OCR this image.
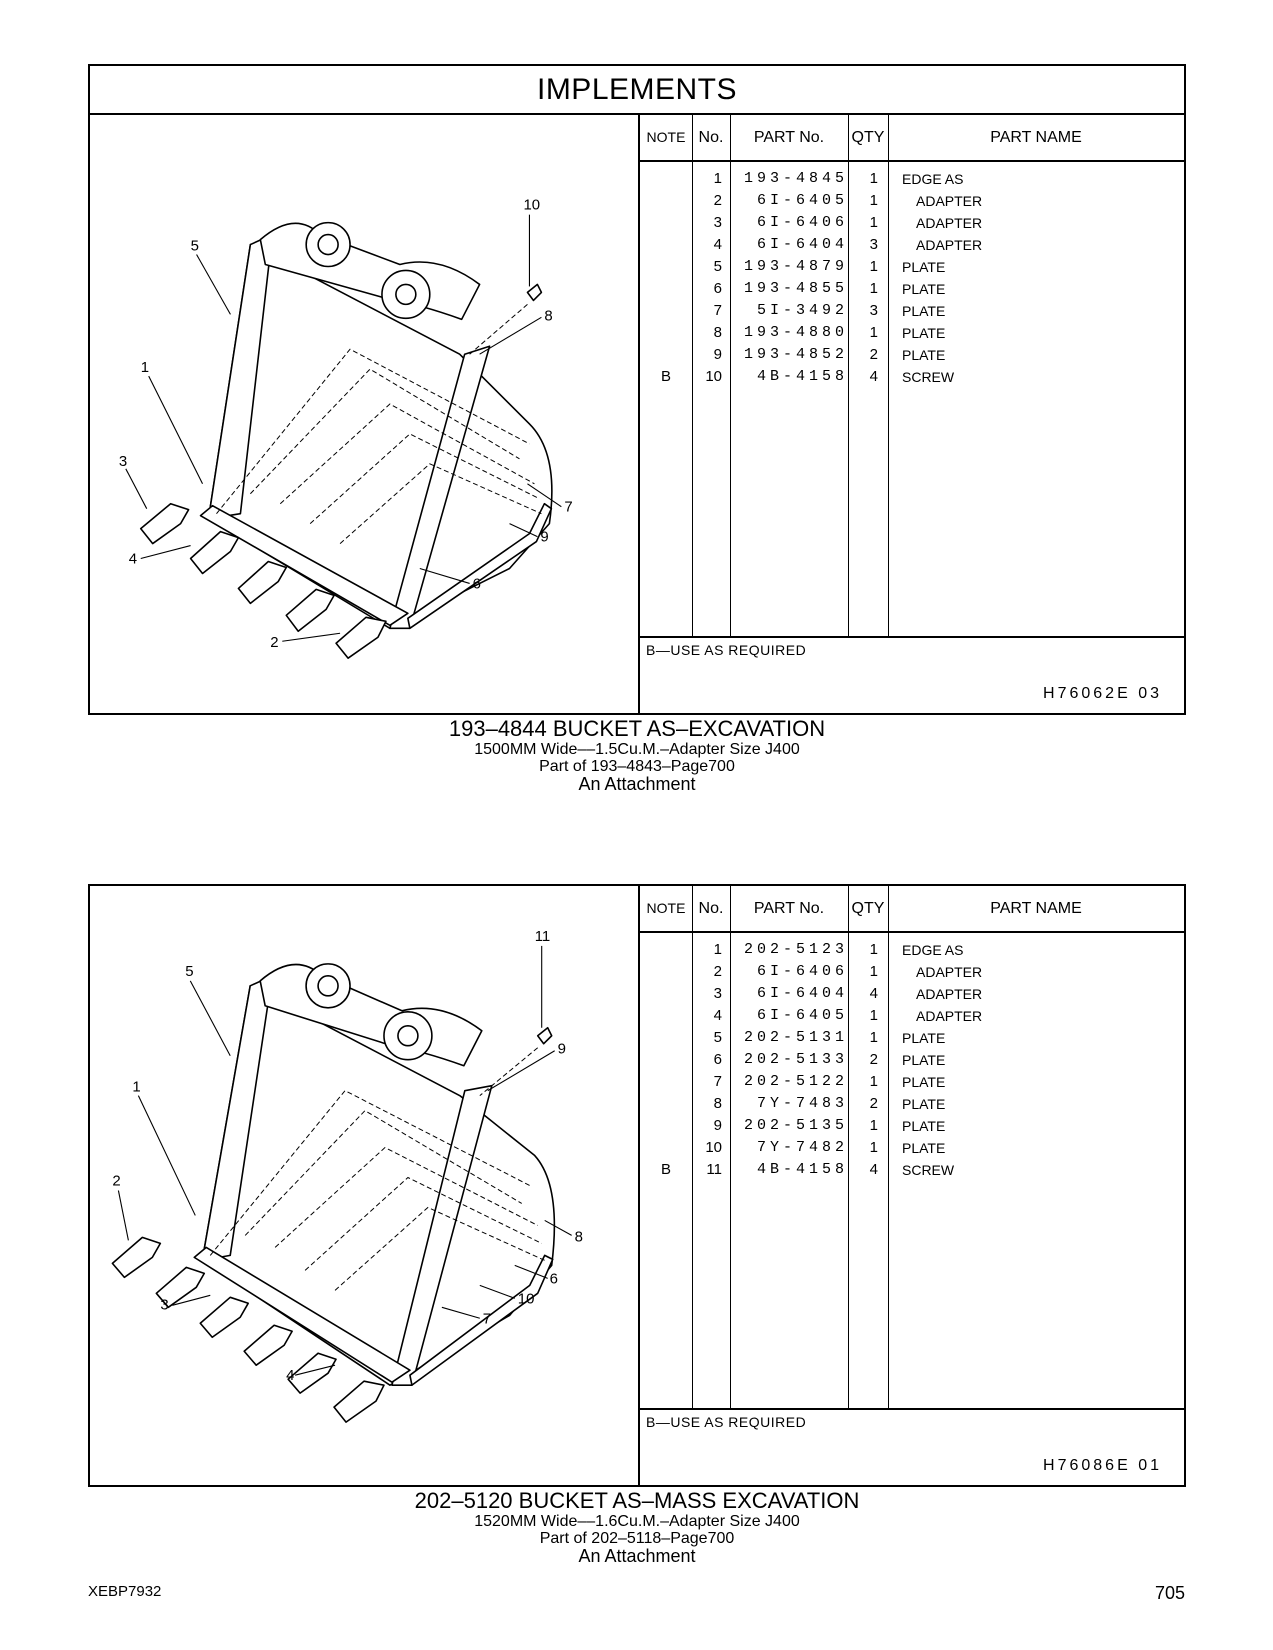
IMPLEMENTS
10
5
8
1
3
7
9
4
6
2
NOTE No.	PART No.	QTY	PART NAME
1	193-4845	1 EDGE AS
2	6I-6405	1	ADAPTER
3	6I-6406	1	ADAPTER
4	6I-6404	3	ADAPTER
5	193-4879	1 PLATE
6	193-4855	1 PLATE
7	5I-3492	3 PLATE
8	193-4880	1 PLATE
9	193-4852	2 PLATE
B	10	4B-4158	4 SCREW
B—USE AS REQUIRED
H76062E 03
193–4844 BUCKET AS–EXCAVATION
1500MM Wide––1.5Cu.M.–Adapter Size J400
Part of 193–4843–Page700
An Attachment
11
5
9
1
2
8
6
10
3
7
4
NOTE No.	PART No.	QTY	PART NAME
1	202-5123	1 EDGE AS
2	6I-6406	1	ADAPTER
3	6I-6404	4	ADAPTER
4	6I-6405	1	ADAPTER
5	202-5131	1 PLATE
6	202-5133	2 PLATE
7	202-5122	1 PLATE
8	7Y-7483	2 PLATE
9	202-5135	1 PLATE
10	7Y-7482	1 PLATE
B	11	4B-4158	4 SCREW
B—USE AS REQUIRED
H76086E 01
202–5120 BUCKET AS–MASS EXCAVATION
1520MM Wide––1.6Cu.M.–Adapter Size J400
Part of 202–5118–Page700
An Attachment
XEBP7932	705
